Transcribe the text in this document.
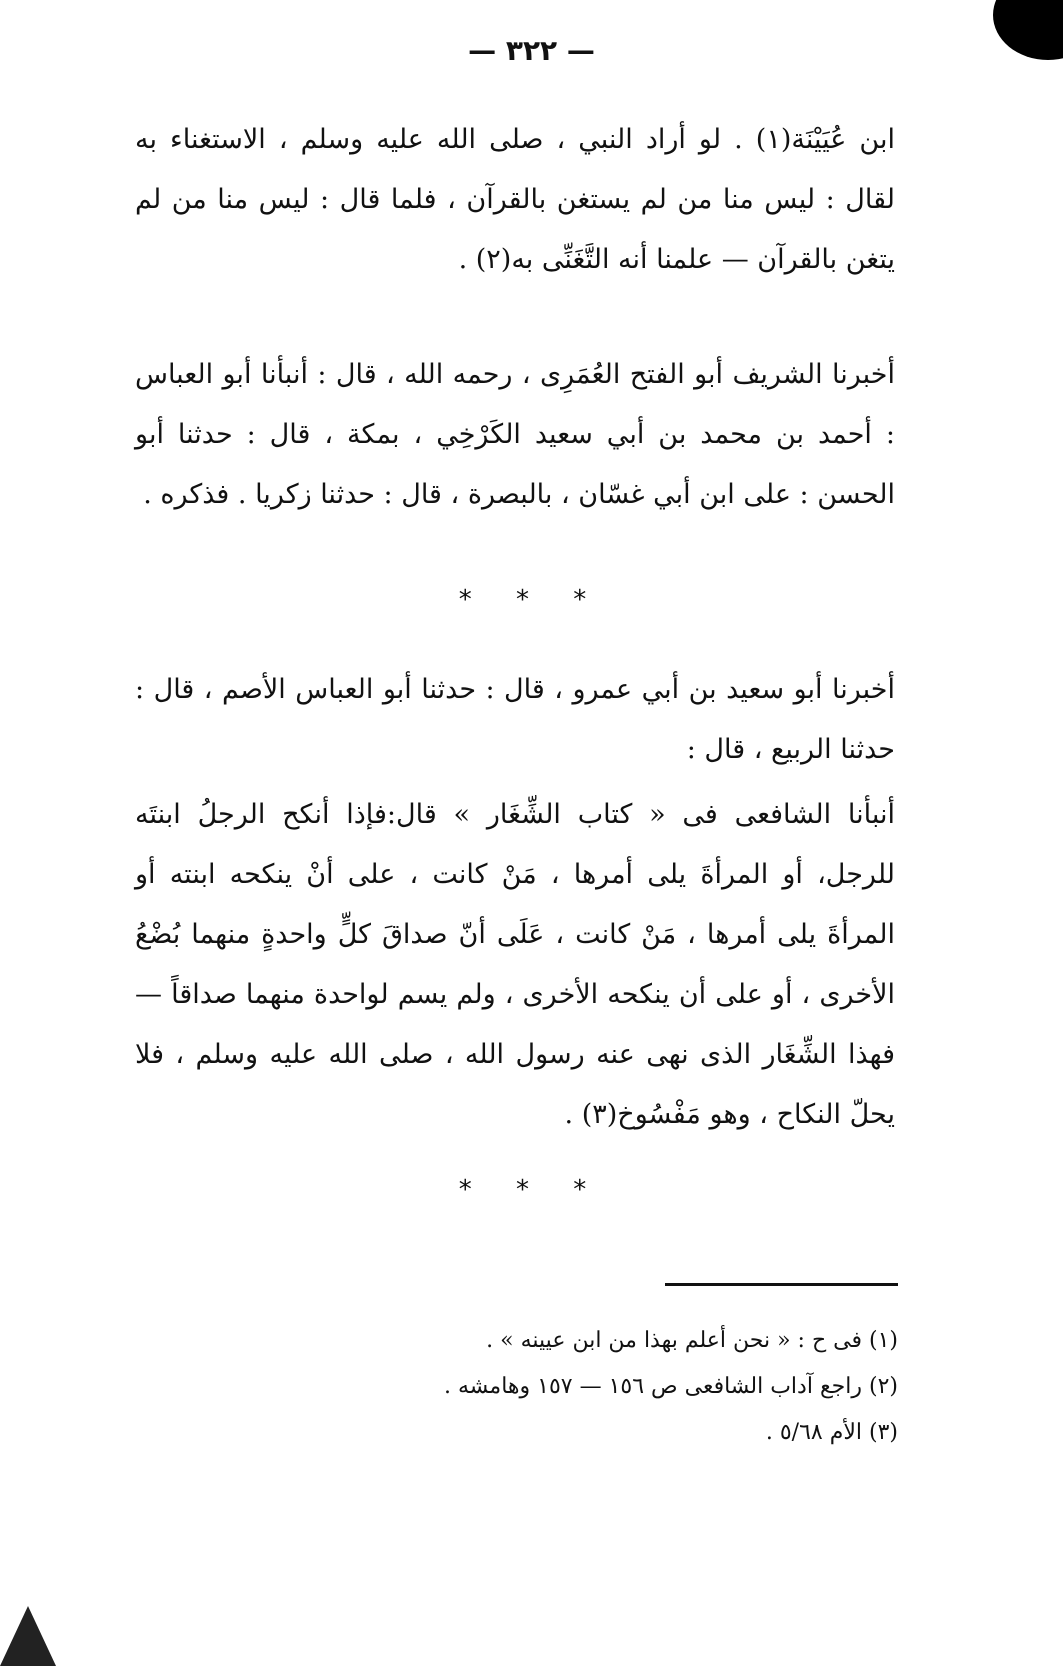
— ٣٢٢ —
ابن عُيَيْنَة(١) . لو أراد النبي ، صلى الله عليه وسلم ، الاستغناء به لقال : ليس منا من لم يستغن بالقرآن ، فلما قال : ليس منا من لم يتغن بالقرآن — علمنا أنه التَّغَنِّى به(٢) .
أخبرنا الشريف أبو الفتح العُمَرِى ، رحمه الله ، قال : أنبأنا أبو العباس : أحمد بن محمد بن أبي سعيد الكَرْخِي ، بمكة ، قال : حدثنا أبو الحسن : على ابن أبي غسّان ، بالبصرة ، قال : حدثنا زكريا . فذكره .
* * *
أخبرنا أبو سعيد بن أبي عمرو ، قال : حدثنا أبو العباس الأصم ، قال : حدثنا الربيع ، قال :
أنبأنا الشافعى فى « كتاب الشِّغَار » قال:فإذا أنكح الرجلُ ابنتَه للرجل، أو المرأةَ يلى أمرها ، مَنْ كانت ، على أنْ ينكحه ابنته أو المرأةَ يلى أمرها ، مَنْ كانت ، عَلَى أنّ صداقَ كلٍّ واحدةٍ منهما بُضْعُ الأخرى ، أو على أن ينكحه الأخرى ، ولم يسم لواحدة منهما صداقاً — فهذا الشِّغَار الذى نهى عنه رسول الله ، صلى الله عليه وسلم ، فلا يحلّ النكاح ، وهو مَفْسُوخ(٣) .
* * *
(١) فى ح : « نحن أعلم بهذا من ابن عيينه » .
(٢) راجع آداب الشافعى ص ١٥٦ — ١٥٧ وهامشه .
(٣) الأم ٥/٦٨ .
